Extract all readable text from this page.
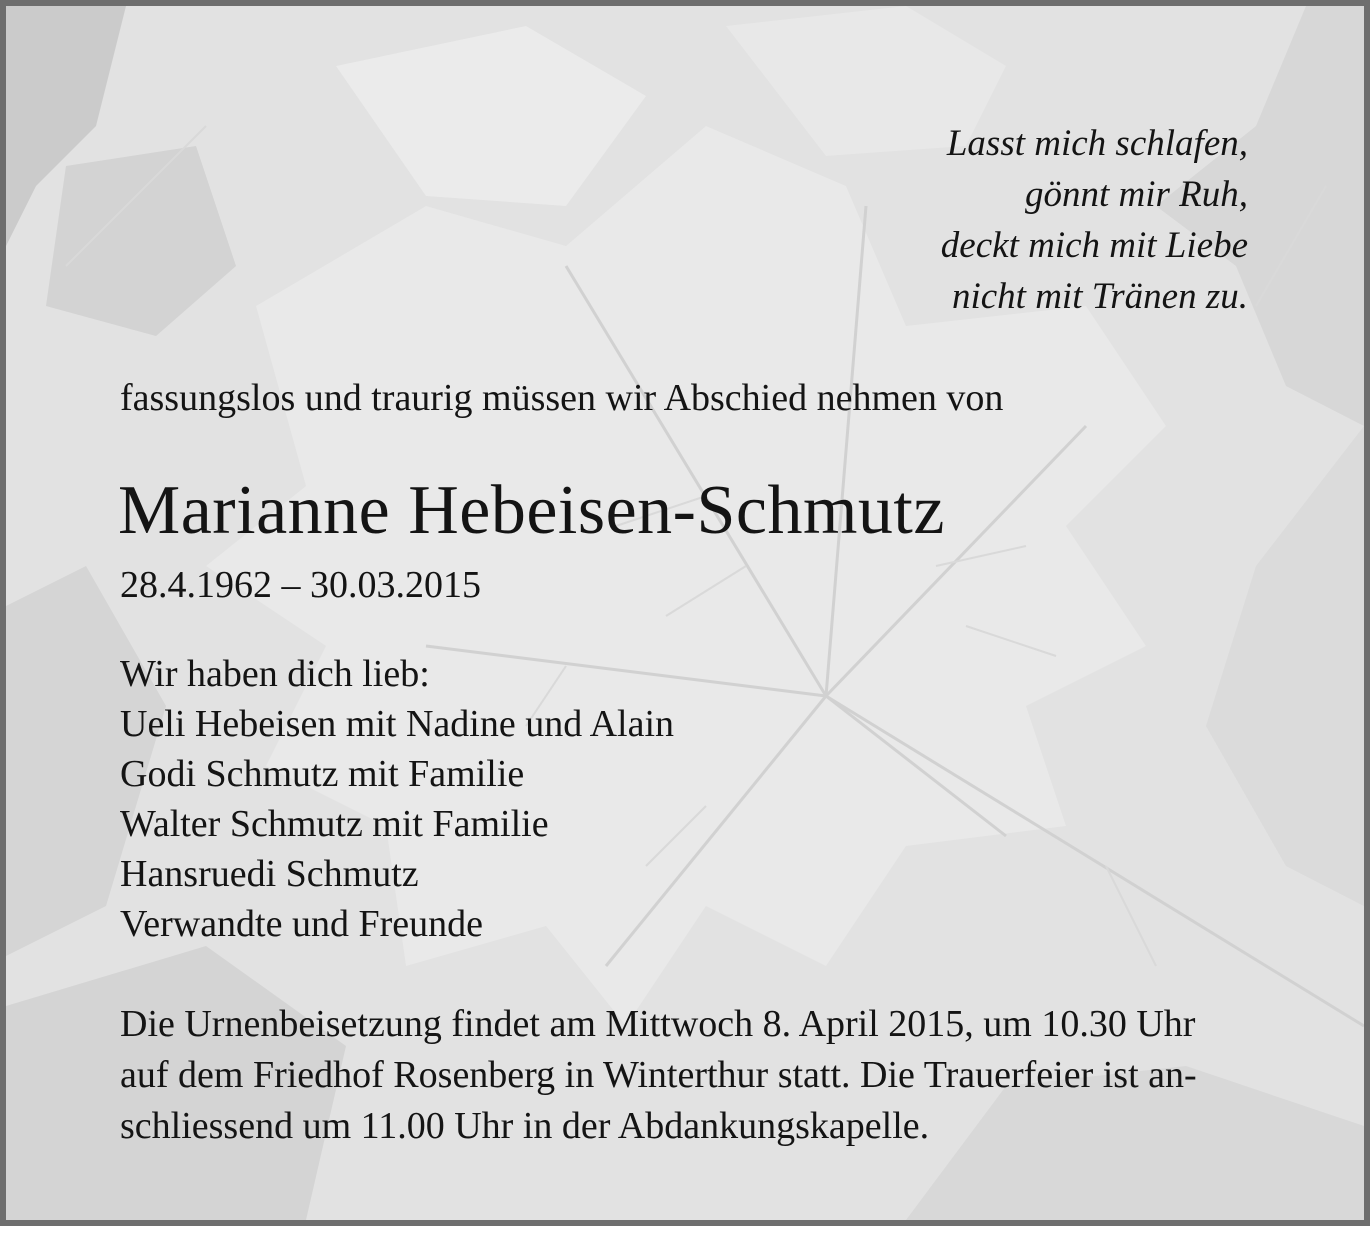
Lasst mich schlafen,
gönnt mir Ruh,
deckt mich mit Liebe
nicht mit Tränen zu.
fassungslos und traurig müssen wir Abschied nehmen von
Marianne Hebeisen-Schmutz
28.4.1962 – 30.03.2015
Wir haben dich lieb:
Ueli Hebeisen mit Nadine und Alain
Godi Schmutz mit Familie
Walter Schmutz mit Familie
Hansruedi Schmutz
Verwandte und Freunde
Die Urnenbeisetzung findet am Mittwoch 8. April 2015, um 10.30 Uhr
auf dem Friedhof Rosenberg in Winterthur statt. Die Trauerfeier ist an-
schliessend um 11.00 Uhr in der Abdankungskapelle.
